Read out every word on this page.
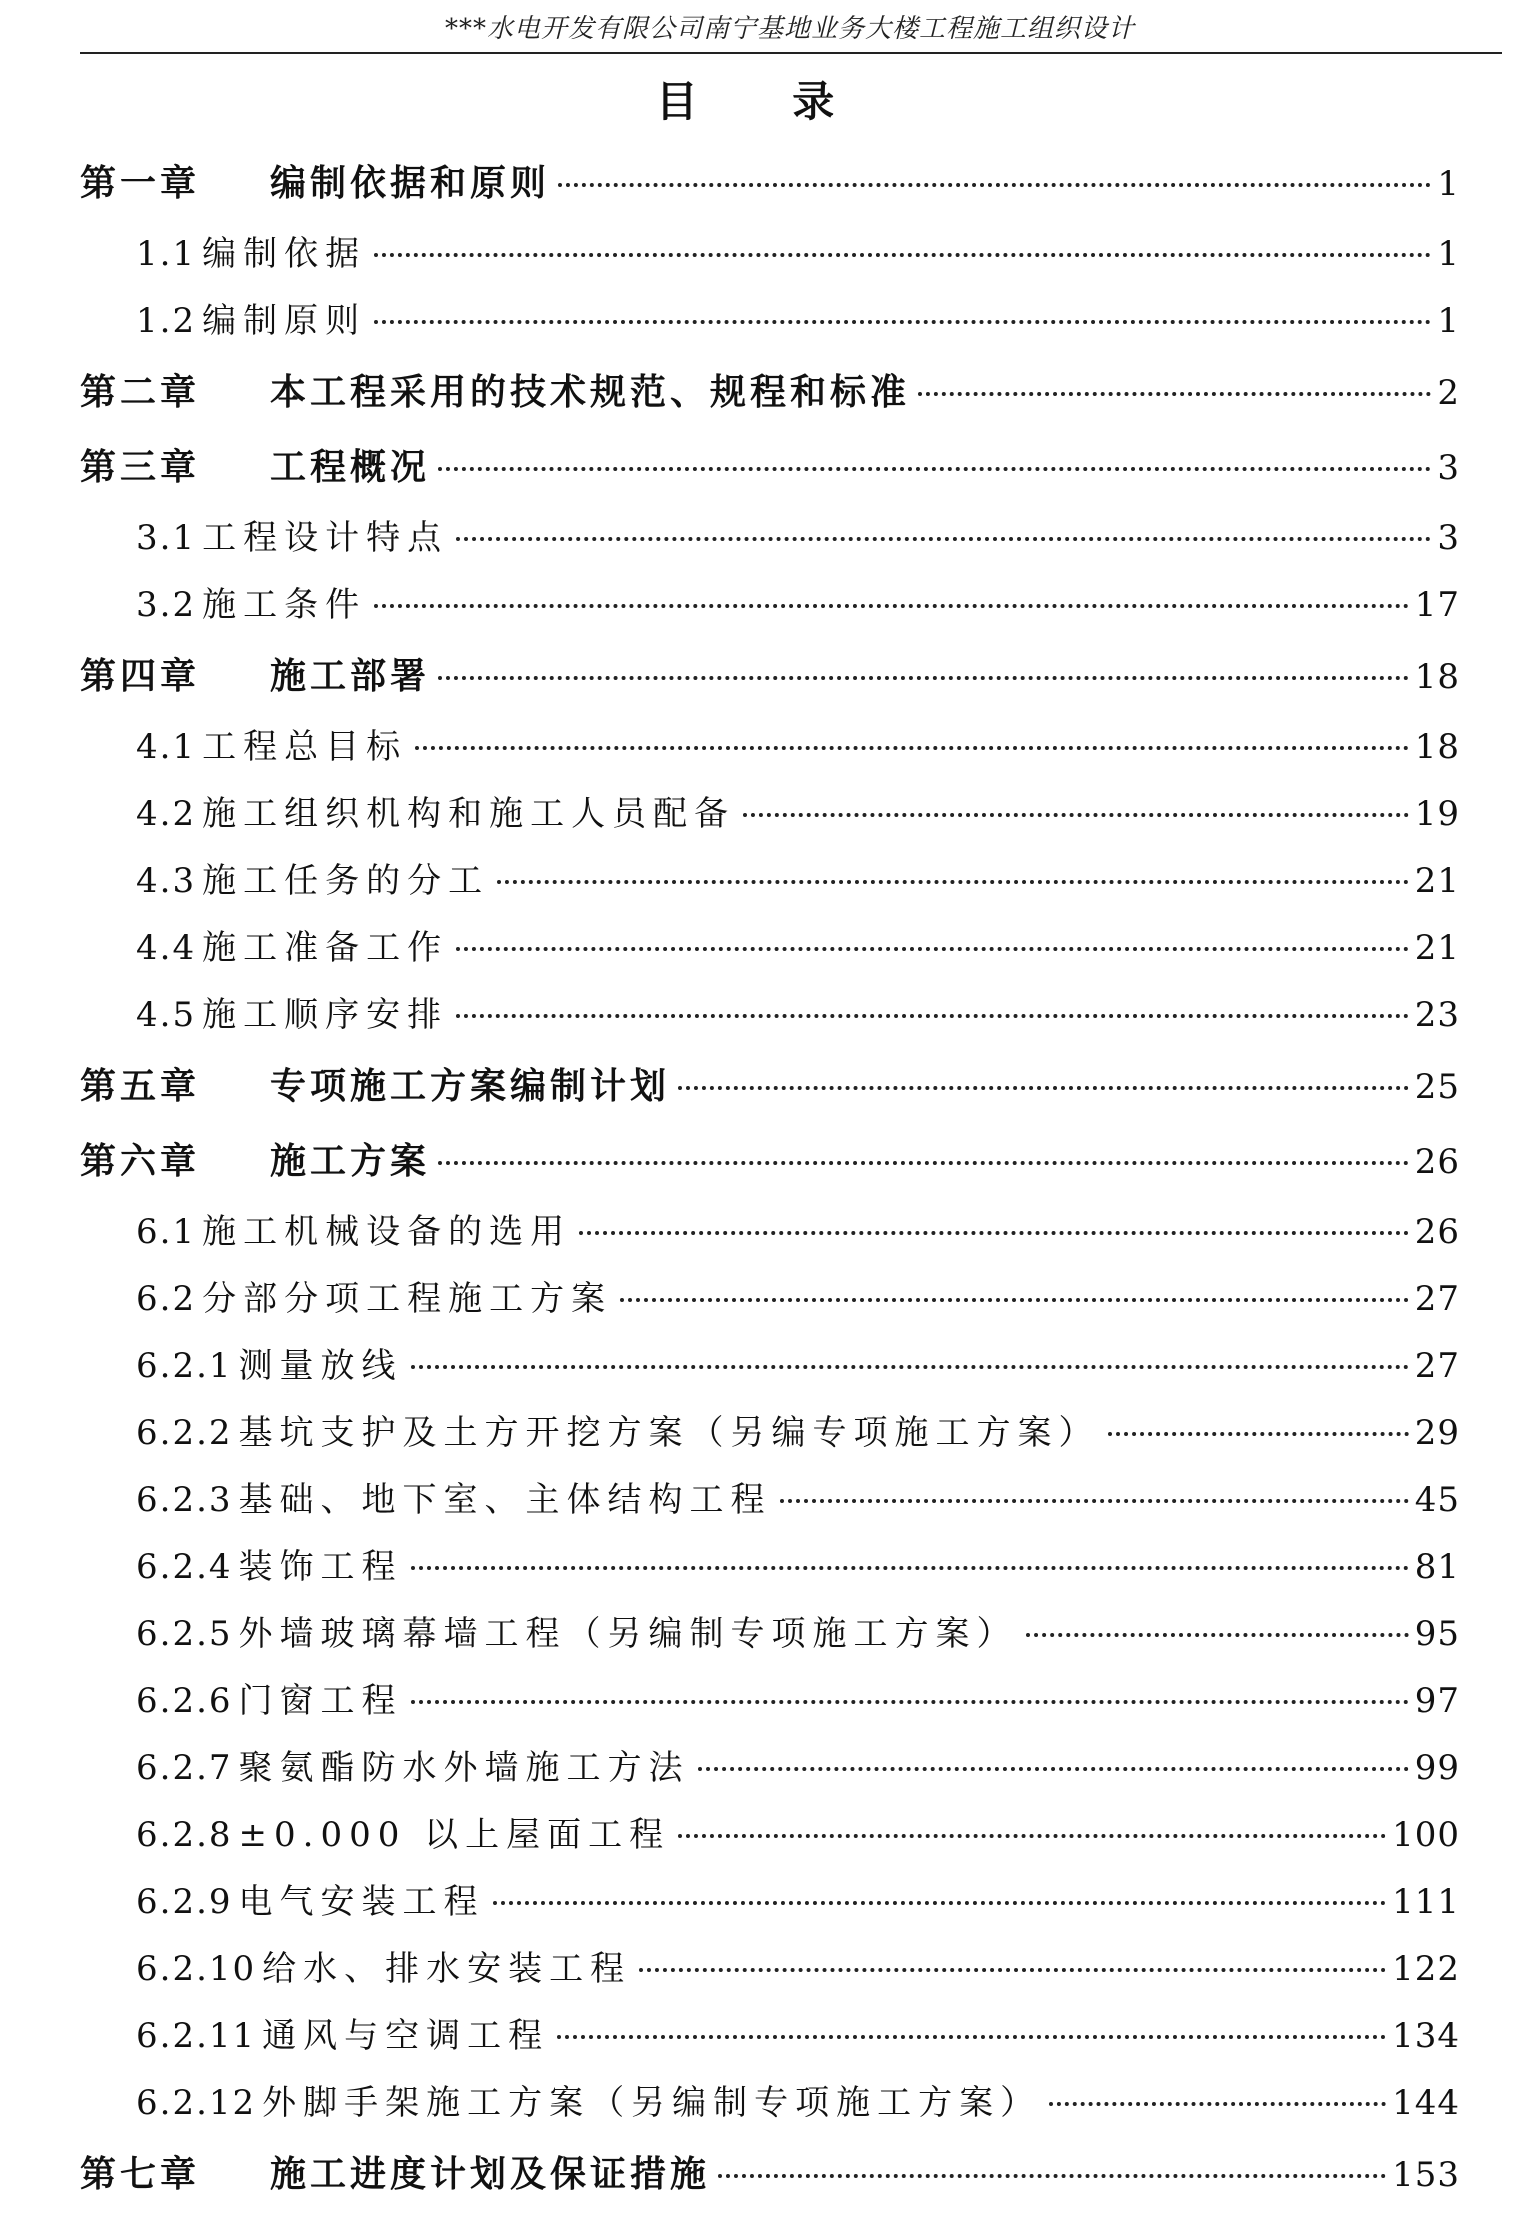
***水电开发有限公司南宁基地业务大楼工程施工组织设计
目 录
第一章 编制依据和原则	1
1.1 编制依据	1
1.2 编制原则	1
第二章 本工程采用的技术规范、规程和标准	2
第三章 工程概况	3
3.1 工程设计特点	3
3.2 施工条件	17
第四章 施工部署	18
4.1 工程总目标	18
4.2 施工组织机构和施工人员配备	19
4.3 施工任务的分工	21
4.4 施工准备工作	21
4.5 施工顺序安排	23
第五章 专项施工方案编制计划	25
第六章 施工方案	26
6.1 施工机械设备的选用	26
6.2 分部分项工程施工方案	27
6.2.1 测量放线	27
6.2.2 基坑支护及土方开挖方案（另编专项施工方案）	29
6.2.3 基础、地下室、主体结构工程	45
6.2.4 装饰工程	81
6.2.5 外墙玻璃幕墙工程（另编制专项施工方案）	95
6.2.6 门窗工程	97
6.2.7 聚氨酯防水外墙施工方法	99
6.2.8 ±0.000 以上屋面工程	100
6.2.9 电气安装工程	111
6.2.10 给水、排水安装工程	122
6.2.11 通风与空调工程	134
6.2.12 外脚手架施工方案（另编制专项施工方案）	144
第七章 施工进度计划及保证措施	153
